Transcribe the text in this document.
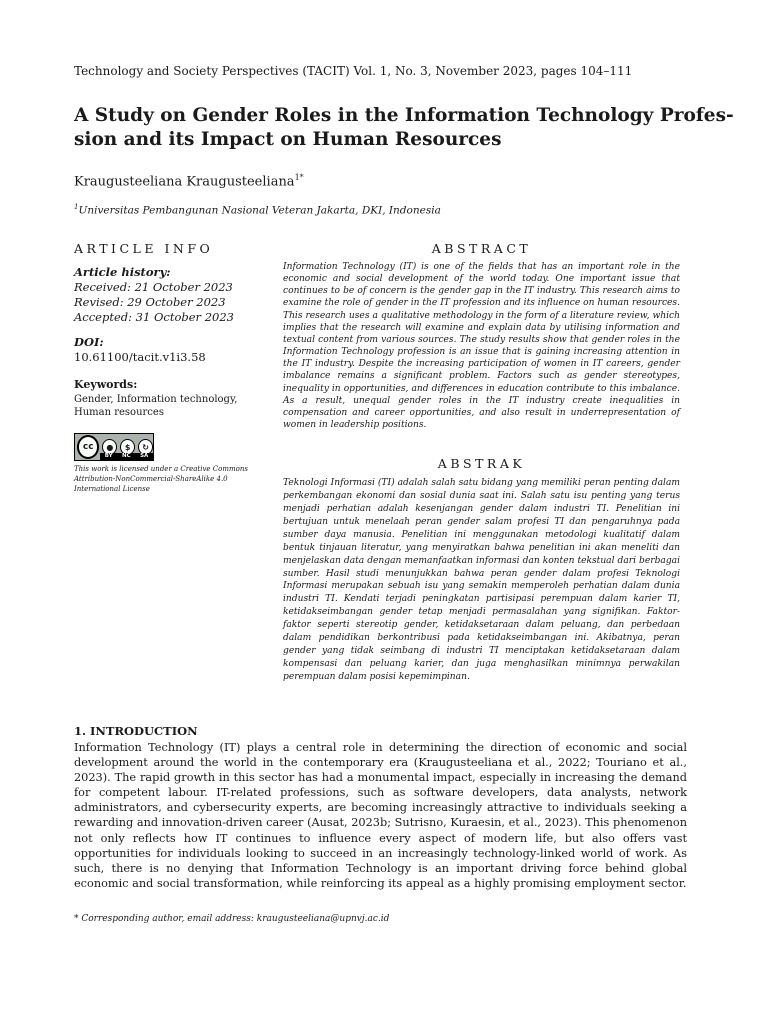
Technology and Society Perspectives (TACIT) Vol. 1, No. 3, November 2023, pages 104–111
A Study on Gender Roles in the Information Technology Profes-
sion and its Impact on Human Resources
Kraugusteeliana Kraugusteeliana$^{1*}$
$^1$Universitas Pembangunan Nasional Veteran Jakarta, DKI, Indonesia
ARTICLE INFO
Article history:
Received: 21 October 2023
Revised: 29 October 2023
Accepted: 31 October 2023
DOI:
10.61100/tacit.v1i3.58
Keywords:
Gender, Information technology, Human resources
cc	●	$	↻
BY NC SA
This work is licensed under a Creative Commons Attribution-NonCommercial-ShareAlike 4.0 International License
ABSTRACT
Information Technology (IT) is one of the fields that has an important role in the economic and social development of the world today. One important issue that continues to be of concern is the gender gap in the IT industry. This research aims to examine the role of gender in the IT profession and its influence on human resources. This research uses a qualitative methodology in the form of a literature review, which implies that the research will examine and explain data by utilising information and textual content from various sources. The study results show that gender roles in the Information Technology profession is an issue that is gaining increasing attention in the IT industry. Despite the increasing participation of women in IT careers, gender imbalance remains a significant problem. Factors such as gender stereotypes, inequality in opportunities, and differences in education contribute to this imbalance. As a result, unequal gender roles in the IT industry create inequalities in compensation and career opportunities, and also result in underrepresentation of women in leadership positions.
ABSTRAK
Teknologi Informasi (TI) adalah salah satu bidang yang memiliki peran penting dalam perkembangan ekonomi dan sosial dunia saat ini. Salah satu isu penting yang terus menjadi perhatian adalah kesenjangan gender dalam industri TI. Penelitian ini bertujuan untuk menelaah peran gender salam profesi TI dan pengaruhnya pada sumber daya manusia. Penelitian ini menggunakan metodologi kualitatif dalam bentuk tinjauan literatur, yang menyiratkan bahwa penelitian ini akan meneliti dan menjelaskan data dengan memanfaatkan informasi dan konten tekstual dari berbagai sumber. Hasil studi menunjukkan bahwa peran gender dalam profesi Teknologi Informasi merupakan sebuah isu yang semakin memperoleh perhatian dalam dunia industri TI. Kendati terjadi peningkatan partisipasi perempuan dalam karier TI, ketidakseimbangan gender tetap menjadi permasalahan yang signifikan. Faktor-faktor seperti stereotip gender, ketidaksetaraan dalam peluang, dan perbedaan dalam pendidikan berkontribusi pada ketidakseimbangan ini. Akibatnya, peran gender yang tidak seimbang di industri TI menciptakan ketidaksetaraan dalam kompensasi dan peluang karier, dan juga menghasilkan minimnya perwakilan perempuan dalam posisi kepemimpinan.
1. INTRODUCTION
Information Technology (IT) plays a central role in determining the direction of economic and social development around the world in the contemporary era (Kraugusteeliana et al., 2022; Touriano et al., 2023). The rapid growth in this sector has had a monumental impact, especially in increasing the demand for competent labour. IT-related professions, such as software developers, data analysts, network administrators, and cybersecurity experts, are becoming increasingly attractive to individuals seeking a rewarding and innovation-driven career (Ausat, 2023b; Sutrisno, Kuraesin, et al., 2023). This phenomenon not only reflects how IT continues to influence every aspect of modern life, but also offers vast opportunities for individuals looking to succeed in an increasingly technology-linked world of work. As such, there is no denying that Information Technology is an important driving force behind global economic and social transformation, while reinforcing its appeal as a highly promising employment sector.
* Corresponding author, email address: kraugusteeliana@upnvj.ac.id
